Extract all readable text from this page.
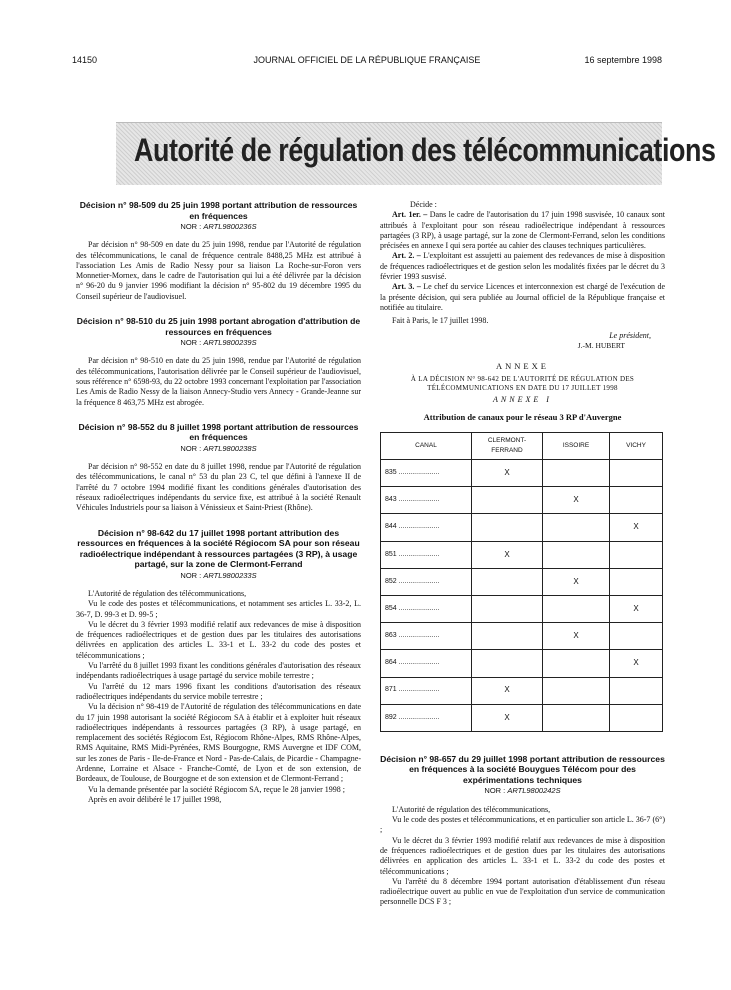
14150	JOURNAL OFFICIEL DE LA RÉPUBLIQUE FRANÇAISE	16 septembre 1998
Autorité de régulation des télécommunications

Décision n° 98-509 du 25 juin 1998 portant attribution de ressources en fréquences

NOR : ARTL9800236S

Par décision n° 98-509 en date du 25 juin 1998, rendue par l'Autorité de régulation des télécommunications, le canal de fréquence centrale 8488,25 MHz est attribué à l'association Les Amis de Radio Nessy pour sa liaison La Roche-sur-Foron vers Monnetier-Mornex, dans le cadre de l'autorisation qui lui a été délivrée par la décision n° 96-20 du 9 janvier 1996 modifiant la décision n° 95-802 du 19 décembre 1995 du Conseil supérieur de l'audiovisuel.

Décision n° 98-510 du 25 juin 1998 portant abrogation d'attribution de ressources en fréquences

NOR : ARTL9800239S

Par décision n° 98-510 en date du 25 juin 1998, rendue par l'Autorité de régulation des télécommunications, l'autorisation délivrée par le Conseil supérieur de l'audiovisuel, sous référence n° 6598-93, du 22 octobre 1993 concernant l'exploitation par l'association Les Amis de Radio Nessy de la liaison Annecy-Studio vers Annecy - Grande-Jeanne sur la fréquence 8 463,75 MHz est abrogée.

Décision n° 98-552 du 8 juillet 1998 portant attribution de ressources en fréquences

NOR : ARTL9800238S

Par décision n° 98-552 en date du 8 juillet 1998, rendue par l'Autorité de régulation des télécommunications, le canal n° 53 du plan 23 C, tel que défini à l'annexe II de l'arrêté du 7 octobre 1994 modifié fixant les conditions générales d'autorisation des réseaux radioélectriques indépendants du service fixe, est attribué à la société Renault Véhicules Industriels pour sa liaison à Vénissieux et Saint-Priest (Rhône).

Décision n° 98-642 du 17 juillet 1998 portant attribution des ressources en fréquences à la société Régiocom SA pour son réseau radioélectrique indépendant à ressources partagées (3 RP), à usage partagé, sur la zone de Clermont-Ferrand

NOR : ARTL9800233S

L'Autorité de régulation des télécommunications,

Vu le code des postes et télécommunications, et notamment ses articles L. 33-2, L. 36-7, D. 99-3 et D. 99-5 ;

Vu le décret du 3 février 1993 modifié relatif aux redevances de mise à disposition de fréquences radioélectriques et de gestion dues par les titulaires des autorisations délivrées en application des articles L. 33-1 et L. 33-2 du code des postes et télécommunications ;

Vu l'arrêté du 8 juillet 1993 fixant les conditions générales d'autorisation des réseaux indépendants radioélectriques à usage partagé du service mobile terrestre ;

Vu l'arrêté du 12 mars 1996 fixant les conditions d'autorisation des réseaux radioélectriques indépendants du service mobile terrestre ;

Vu la décision n° 98-419 de l'Autorité de régulation des télécommunications en date du 17 juin 1998 autorisant la société Régiocom SA à établir et à exploiter huit réseaux radioélectriques indépendants à ressources partagées (3 RP), à usage partagé, en remplacement des sociétés Régiocom Est, Régiocom Rhône-Alpes, RMS Rhône-Alpes, RMS Aquitaine, RMS Midi-Pyrénées, RMS Bourgogne, RMS Auvergne et IDF COM, sur les zones de Paris - Ile-de-France et Nord - Pas-de-Calais, de Picardie - Champagne-Ardenne, Lorraine et Alsace - Franche-Comté, de Lyon et de son extension, de Bordeaux, de Toulouse, de Bourgogne et de son extension et de Clermont-Ferrand ;

Vu la demande présentée par la société Régiocom SA, reçue le 28 janvier 1998 ;

Après en avoir délibéré le 17 juillet 1998,

Décide :

Art. 1er. – Dans le cadre de l'autorisation du 17 juin 1998 susvisée, 10 canaux sont attribués à l'exploitant pour son réseau radioélectrique indépendant à ressources partagées (3 RP), à usage partagé, sur la zone de Clermont-Ferrand, selon les conditions précisées en annexe I qui sera portée au cahier des clauses techniques particulières.

Art. 2. – L'exploitant est assujetti au paiement des redevances de mise à disposition de fréquences radioélectriques et de gestion selon les modalités fixées par le décret du 3 février 1993 susvisé.

Art. 3. – Le chef du service Licences et interconnexion est chargé de l'exécution de la présente décision, qui sera publiée au Journal officiel de la République française et notifiée au titulaire.

Fait à Paris, le 17 juillet 1998.

Le président,

J.-M. HUBERT

ANNEXE

À LA DÉCISION N° 98-642 DE L'AUTORITÉ DE RÉGULATION DES TÉLÉCOMMUNICATIONS EN DATE DU 17 JUILLET 1998

ANNEXE I

Attribution de canaux pour le réseau 3 RP d'Auvergne

CANAL	CLERMONT-FERRAND	ISSOIRE	VICHY
835 .....................	X		
843 .....................		X	
844 .....................			X
851 .....................	X		
852 .....................		X	
854 .....................			X
863 .....................		X	
864 .....................			X
871 .....................	X		
892 .....................	X		

Décision n° 98-657 du 29 juillet 1998 portant attribution de ressources en fréquences à la société Bouygues Télécom pour des expérimentations techniques

NOR : ARTL9800242S

L'Autorité de régulation des télécommunications,

Vu le code des postes et télécommunications, et en particulier son article L. 36-7 (6°) ;

Vu le décret du 3 février 1993 modifié relatif aux redevances de mise à disposition de fréquences radioélectriques et de gestion dues par les titulaires des autorisations délivrées en application des articles L. 33-1 et L. 33-2 du code des postes et télécommunications ;

Vu l'arrêté du 8 décembre 1994 portant autorisation d'établissement d'un réseau radioélectrique ouvert au public en vue de l'exploitation d'un service de communication personnelle DCS F 3 ;
